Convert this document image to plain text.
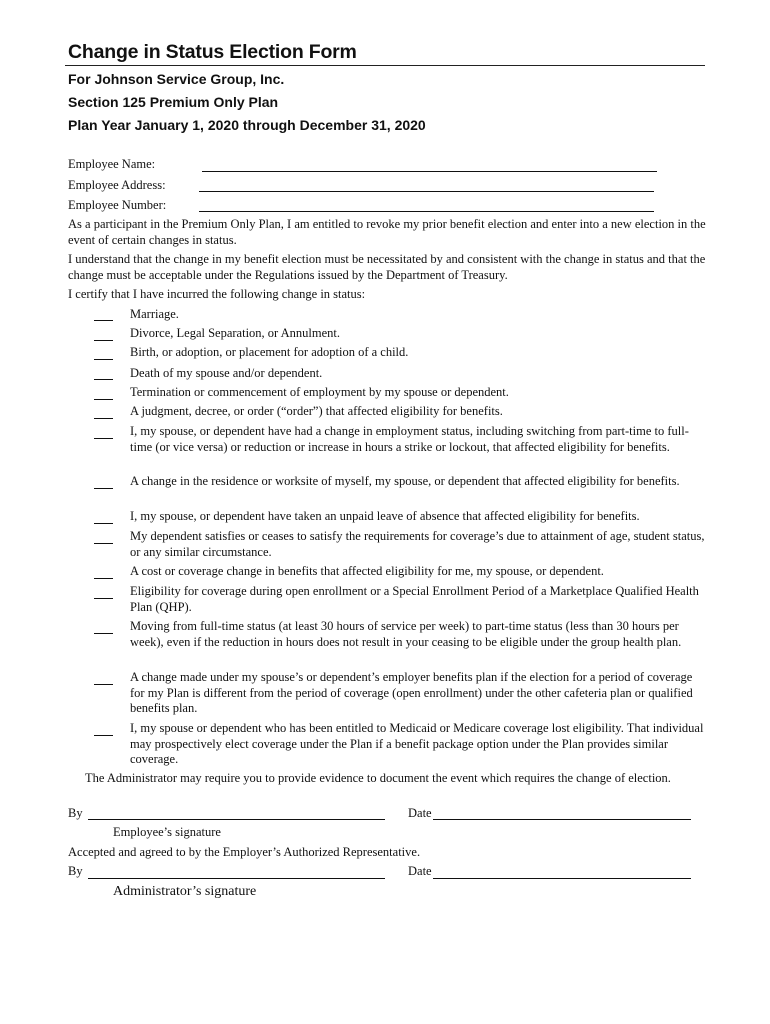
Change in Status Election Form

For Johnson Service Group, Inc.

Section 125 Premium Only Plan

Plan Year January 1, 2020 through December 31, 2020

Employee Name:
Employee Address:
Employee Number:

As a participant in the Premium Only Plan, I am entitled to revoke my prior benefit election and enter into a new election in the event of certain changes in status.

I understand that the change in my benefit election must be necessitated by and consistent with the change in status and that the change must be acceptable under the Regulations issued by the Department of Treasury.

I certify that I have incurred the following change in status:

Marriage.

Divorce, Legal Separation, or Annulment.

Birth, or adoption, or placement for adoption of a child.

Death of my spouse and/or dependent.

Termination or commencement of employment by my spouse or dependent.

A judgment, decree, or order (“order”) that affected eligibility for benefits.

I, my spouse, or dependent have had a change in employment status, including switching from part-time to full-time (or vice versa) or reduction or increase in hours a strike or lockout, that affected eligibility for benefits.

A change in the residence or worksite of myself, my spouse, or dependent that affected eligibility for benefits.

I, my spouse, or dependent have taken an unpaid leave of absence that affected eligibility for benefits.

My dependent satisfies or ceases to satisfy the requirements for coverage’s due to attainment of age, student status, or any similar circumstance.

A cost or coverage change in benefits that affected eligibility for me, my spouse, or dependent.

Eligibility for coverage during open enrollment or a Special Enrollment Period of a Marketplace Qualified Health Plan (QHP).

Moving from full-time status (at least 30 hours of service per week) to part-time status (less than 30 hours per week), even if the reduction in hours does not result in your ceasing to be eligible under the group health plan.

A change made under my spouse’s or dependent’s employer benefits plan if the election for a period of coverage for my Plan is different from the period of coverage (open enrollment) under the other cafeteria plan or qualified benefits plan.

I, my spouse or dependent who has been entitled to Medicaid or Medicare coverage lost eligibility. That individual may prospectively elect coverage under the Plan if a benefit package option under the Plan provides similar coverage.

The Administrator may require you to provide evidence to document the event which requires the change of election.

By	Date
Employee’s signature

Accepted and agreed to by the Employer’s Authorized Representative.

By	Date
Administrator’s signature
